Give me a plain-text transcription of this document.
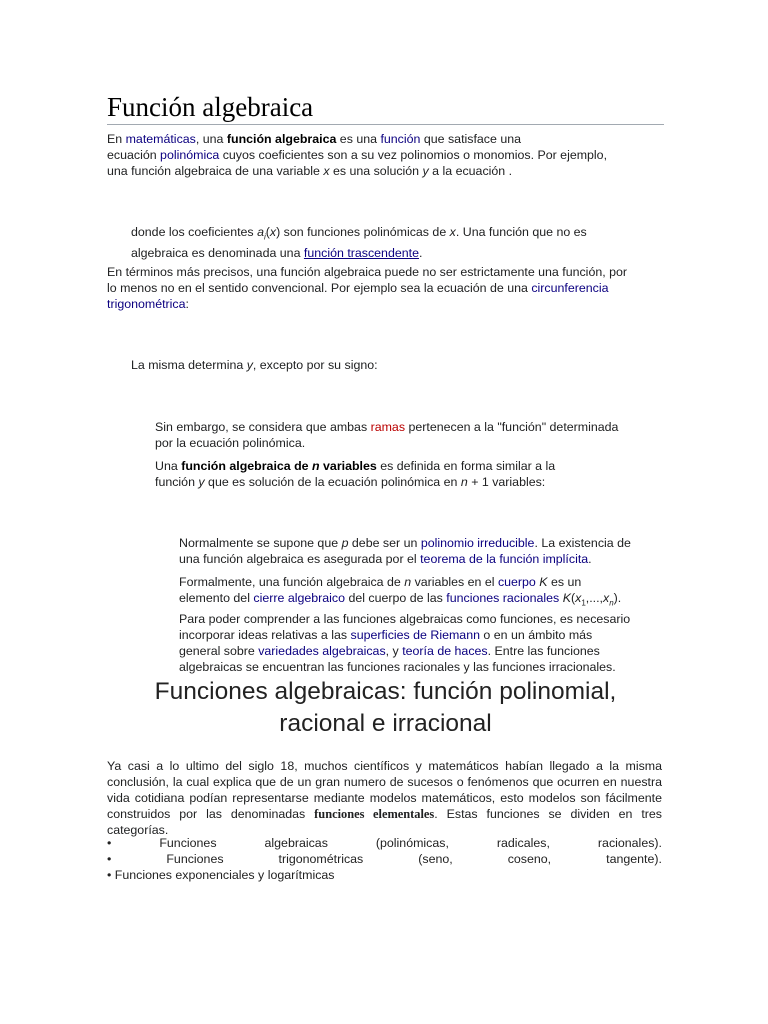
Función algebraica
En matemáticas, una función algebraica es una función que satisface una
ecuación polinómica cuyos coeficientes son a su vez polinomios o monomios. Por ejemplo,
una función algebraica de una variable x es una solución y a la ecuación .
donde los coeficientes $a_i(x)$ son funciones polinómicas de x. Una función que no es
algebraica es denominada una función trascendente.
En términos más precisos, una función algebraica puede no ser estrictamente una función, por
lo menos no en el sentido convencional. Por ejemplo sea la ecuación de una circunferencia
trigonométrica:
La misma determina y, excepto por su signo:
Sin embargo, se considera que ambas ramas pertenecen a la "función" determinada
por la ecuación polinómica.
Una función algebraica de n variables es definida en forma similar a la
función y que es solución de la ecuación polinómica en n + 1 variables:
Normalmente se supone que p debe ser un polinomio irreducible. La existencia de
una función algebraica es asegurada por el teorema de la función implícita.
Formalmente, una función algebraica de n variables en el cuerpo K es un
elemento del cierre algebraico del cuerpo de las funciones racionales $K(x_1,...,x_n)$.
Para poder comprender a las funciones algebraicas como funciones, es necesario
incorporar ideas relativas a las superficies de Riemann o en un ámbito más
general sobre variedades algebraicas, y teoría de haces. Entre las funciones
algebraicas se encuentran las funciones racionales y las funciones irracionales.
Funciones algebraicas: función polinomial,
racional e irracional
Ya casi a lo ultimo del siglo 18, muchos científicos y matemáticos habían llegado a la misma conclusión, la cual explica que de un gran numero de sucesos o fenómenos que ocurren en nuestra vida cotidiana podían representarse mediante modelos matemáticos, esto modelos son fácilmente construidos por las denominadas funciones elementales. Estas funciones se dividen en tres categorías.
•	Funciones	algebraicas	(polinómicas,	radicales,	racionales).
•	Funciones	trigonométricas	(seno,	coseno,	tangente).
• Funciones exponenciales y logarítmicas
